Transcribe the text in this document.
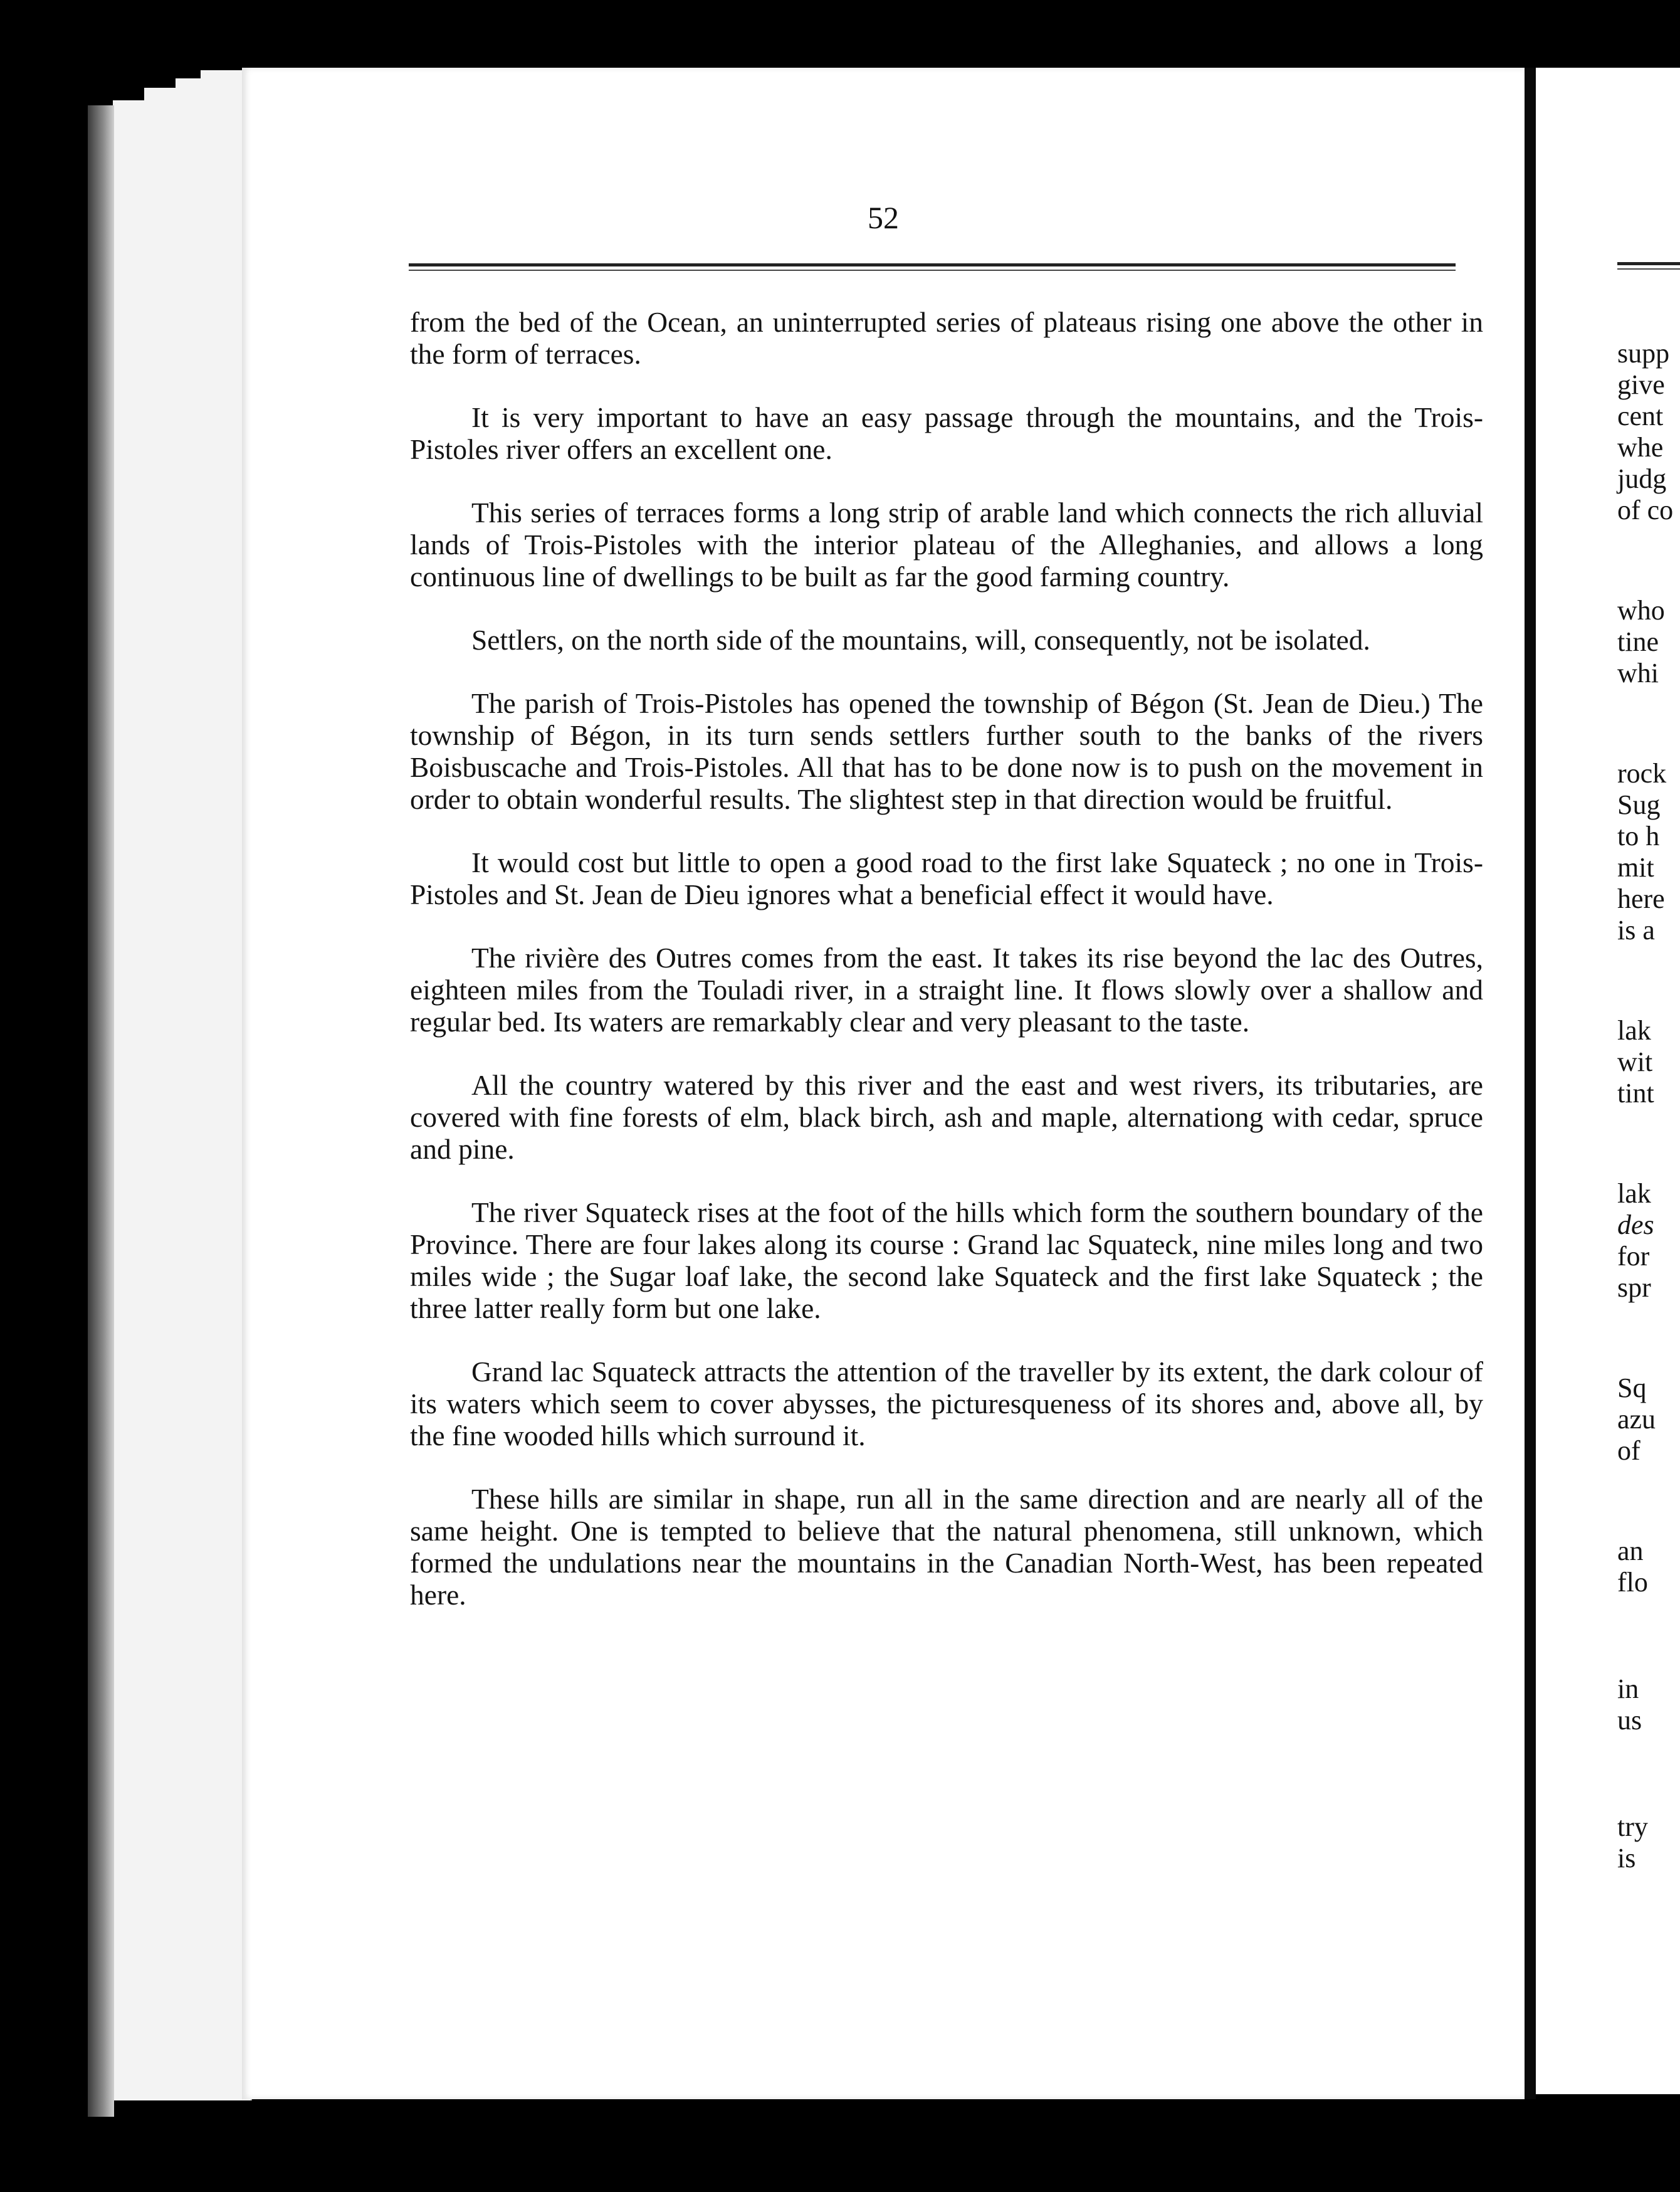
52

from the bed of the Ocean, an uninterrupted series of plateaus rising one above the other in the form of terraces.

It is very important to have an easy passage through the mountains, and the Trois-Pistoles river offers an excellent one.

This series of terraces forms a long strip of arable land which connects the rich alluvial lands of Trois-Pistoles with the interior plateau of the Alleghanies, and allows a long continuous line of dwellings to be built as far the good farming country.

Settlers, on the north side of the mountains, will, consequently, not be isolated.

The parish of Trois-Pistoles has opened the township of Bégon (St. Jean de Dieu.) The township of Bégon, in its turn sends settlers further south to the banks of the rivers Boisbuscache and Trois-Pistoles. All that has to be done now is to push on the movement in order to obtain wonderful results. The slightest step in that direction would be fruitful.

It would cost but little to open a good road to the first lake Squateck ; no one in Trois-Pistoles and St. Jean de Dieu ignores what a beneficial effect it would have.

The rivière des Outres comes from the east. It takes its rise beyond the lac des Outres, eighteen miles from the Touladi river, in a straight line. It flows slowly over a shallow and regular bed. Its waters are remarkably clear and very pleasant to the taste.

All the country watered by this river and the east and west rivers, its tributaries, are covered with fine forests of elm, black birch, ash and maple, alternationg with cedar, spruce and pine.

The river Squateck rises at the foot of the hills which form the southern boundary of the Province. There are four lakes along its course : Grand lac Squateck, nine miles long and two miles wide ; the Sugar loaf lake, the second lake Squateck and the first lake Squateck ; the three latter really form but one lake.

Grand lac Squateck attracts the attention of the traveller by its extent, the dark colour of its waters which seem to cover abysses, the picturesqueness of its shores and, above all, by the fine wooded hills which surround it.

These hills are similar in shape, run all in the same direction and are nearly all of the same height. One is tempted to believe that the natural phenomena, still unknown, which formed the undulations near the mountains in the Canadian North-West, has been repeated here.

supp
give
cent
whe
judg
of co
who
tine
whi
rock
Sug
to h
mit
here
is a
lak
wit
tint
lak
des
for
spr
Sq
azu
of
an
flo
in
us
try
is
